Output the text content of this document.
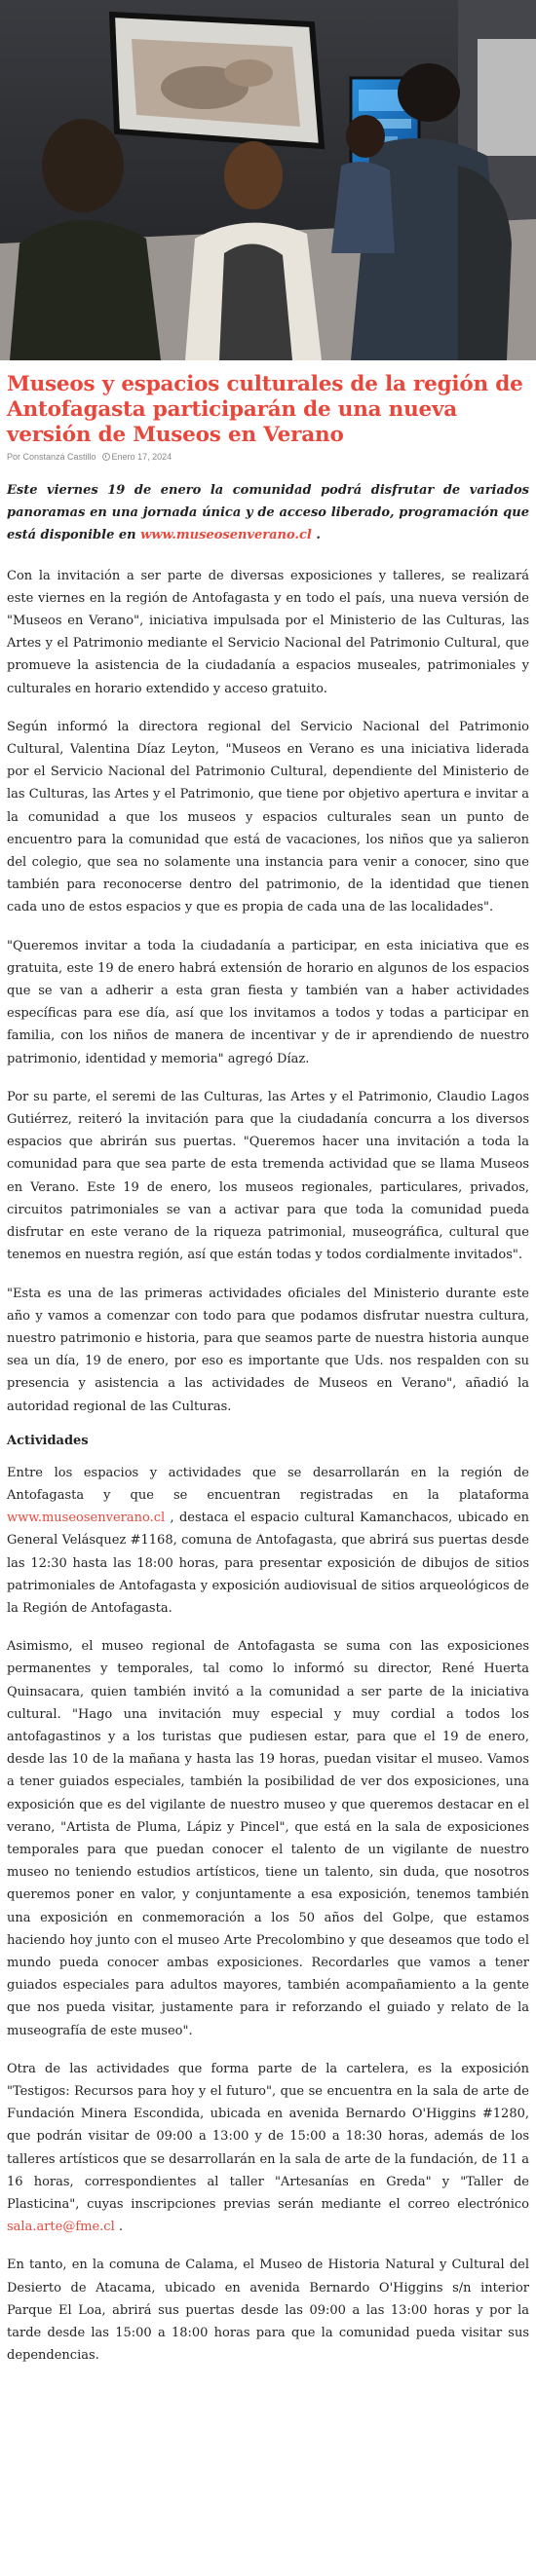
Museos y espacios culturales de la región de Antofagasta participarán de una nueva versión de Museos en Verano
Por Constanzá Castillo	Enero 17, 2024

Este viernes 19 de enero la comunidad podrá disfrutar de variados panoramas en una jornada única y de acceso liberado, programación que está disponible en www.museosenverano.cl .

Con la invitación a ser parte de diversas exposiciones y talleres, se realizará este viernes en la región de Antofagasta y en todo el país, una nueva versión de "Museos en Verano", iniciativa impulsada por el Ministerio de las Culturas, las Artes y el Patrimonio mediante el Servicio Nacional del Patrimonio Cultural, que promueve la asistencia de la ciudadanía a espacios museales, patrimoniales y culturales en horario extendido y acceso gratuito.

Según informó la directora regional del Servicio Nacional del Patrimonio Cultural, Valentina Díaz Leyton, "Museos en Verano es una iniciativa liderada por el Servicio Nacional del Patrimonio Cultural, dependiente del Ministerio de las Culturas, las Artes y el Patrimonio, que tiene por objetivo apertura e invitar a la comunidad a que los museos y espacios culturales sean un punto de encuentro para la comunidad que está de vacaciones, los niños que ya salieron del colegio, que sea no solamente una instancia para venir a conocer, sino que también para reconocerse dentro del patrimonio, de la identidad que tienen cada uno de estos espacios y que es propia de cada una de las localidades".

"Queremos invitar a toda la ciudadanía a participar, en esta iniciativa que es gratuita, este 19 de enero habrá extensión de horario en algunos de los espacios que se van a adherir a esta gran fiesta y también van a haber actividades específicas para ese día, así que los invitamos a todos y todas a participar en familia, con los niños de manera de incentivar y de ir aprendiendo de nuestro patrimonio, identidad y memoria" agregó Díaz.

Por su parte, el seremi de las Culturas, las Artes y el Patrimonio, Claudio Lagos Gutiérrez, reiteró la invitación para que la ciudadanía concurra a los diversos espacios que abrirán sus puertas. "Queremos hacer una invitación a toda la comunidad para que sea parte de esta tremenda actividad que se llama Museos en Verano. Este 19 de enero, los museos regionales, particulares, privados, circuitos patrimoniales se van a activar para que toda la comunidad pueda disfrutar en este verano de la riqueza patrimonial, museográfica, cultural que tenemos en nuestra región, así que están todas y todos cordialmente invitados".

"Esta es una de las primeras actividades oficiales del Ministerio durante este año y vamos a comenzar con todo para que podamos disfrutar nuestra cultura, nuestro patrimonio e historia, para que seamos parte de nuestra historia aunque sea un día, 19 de enero, por eso es importante que Uds. nos respalden con su presencia y asistencia a las actividades de Museos en Verano", añadió la autoridad regional de las Culturas.

Actividades

Entre los espacios y actividades que se desarrollarán en la región de Antofagasta y que se encuentran registradas en la plataforma www.museosenverano.cl , destaca el espacio cultural Kamanchacos, ubicado en General Velásquez #1168, comuna de Antofagasta, que abrirá sus puertas desde las 12:30 hasta las 18:00 horas, para presentar exposición de dibujos de sitios patrimoniales de Antofagasta y exposición audiovisual de sitios arqueológicos de la Región de Antofagasta.

Asimismo, el museo regional de Antofagasta se suma con las exposiciones permanentes y temporales, tal como lo informó su director, René Huerta Quinsacara, quien también invitó a la comunidad a ser parte de la iniciativa cultural. "Hago una invitación muy especial y muy cordial a todos los antofagastinos y a los turistas que pudiesen estar, para que el 19 de enero, desde las 10 de la mañana y hasta las 19 horas, puedan visitar el museo. Vamos a tener guiados especiales, también la posibilidad de ver dos exposiciones, una exposición que es del vigilante de nuestro museo y que queremos destacar en el verano, "Artista de Pluma, Lápiz y Pincel", que está en la sala de exposiciones temporales para que puedan conocer el talento de un vigilante de nuestro museo no teniendo estudios artísticos, tiene un talento, sin duda, que nosotros queremos poner en valor, y conjuntamente a esa exposición, tenemos también una exposición en conmemoración a los 50 años del Golpe, que estamos haciendo hoy junto con el museo Arte Precolombino y que deseamos que todo el mundo pueda conocer ambas exposiciones. Recordarles que vamos a tener guiados especiales para adultos mayores, también acompañamiento a la gente que nos pueda visitar, justamente para ir reforzando el guiado y relato de la museografía de este museo".

Otra de las actividades que forma parte de la cartelera, es la exposición "Testigos: Recursos para hoy y el futuro", que se encuentra en la sala de arte de Fundación Minera Escondida, ubicada en avenida Bernardo O'Higgins #1280, que podrán visitar de 09:00 a 13:00 y de 15:00 a 18:30 horas, además de los talleres artísticos que se desarrollarán en la sala de arte de la fundación, de 11 a 16 horas, correspondientes al taller "Artesanías en Greda" y "Taller de Plasticina", cuyas inscripciones previas serán mediante el correo electrónico sala.arte@fme.cl .

En tanto, en la comuna de Calama, el Museo de Historia Natural y Cultural del Desierto de Atacama, ubicado en avenida Bernardo O'Higgins s/n interior Parque El Loa, abrirá sus puertas desde las 09:00 a las 13:00 horas y por la tarde desde las 15:00 a 18:00 horas para que la comunidad pueda visitar sus dependencias.
